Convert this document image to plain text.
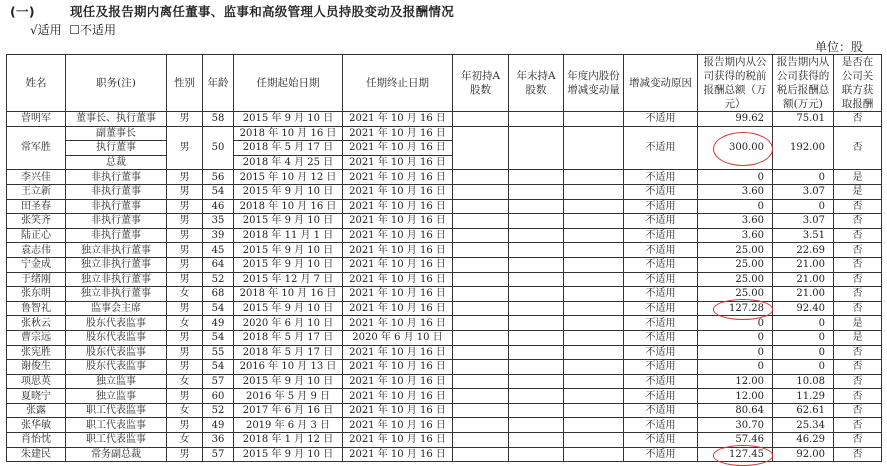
(一)	现任及报告期内离任董事、监事和高级管理人员持股变动及报酬情况
√适用 ☐不适用
单位：股
姓名	职务(注)	性别	年龄	任期起始日期	任期终止日期	年初持A股数	年末持A股数	年度内股份增减变动量	增减变动原因	报告期内从公司获得的税前报酬总额（万元）	报告期内从公司获得的税后报酬总额(万元)	是否在公司关联方获取报酬
菅明军	董事长、执行董事	男	58	2015 年 9 月 10 日	2021 年 10 月 16 日				不适用	99.62	75.01	否
常军胜	副董事长	男	50	2018 年 10 月 16 日	2021 年 10 月 16 日				不适用	300.00	192.00	否
	执行董事			2018 年 5 月 17 日	2021 年 10 月 16 日							
	总裁			2018 年 4 月 25 日	2021 年 10 月 16 日							
李兴佳	非执行董事	男	56	2015 年 10 月 12 日	2021 年 10 月 16 日				不适用	0	0	是
王立新	非执行董事	男	54	2015 年 9 月 10 日	2021 年 10 月 16 日				不适用	3.60	3.07	是
田圣春	非执行董事	男	46	2018 年 10 月 16 日	2021 年 10 月 16 日				不适用	0	0	否
张笑齐	非执行董事	男	35	2015 年 9 月 10 日	2021 年 10 月 16 日				不适用	3.60	3.07	否
陆正心	非执行董事	男	39	2018 年 11 月 1 日	2021 年 10 月 16 日				不适用	3.60	3.51	否
袁志伟	独立非执行董事	男	45	2015 年 9 月 10 日	2021 年 10 月 16 日				不适用	25.00	22.69	否
宁金成	独立非执行董事	男	64	2015 年 9 月 10 日	2021 年 10 月 16 日				不适用	25.00	21.00	否
于绪刚	独立非执行董事	男	52	2015 年 12 月 7 日	2021 年 10 月 16 日				不适用	25.00	21.00	否
张东明	独立非执行董事	女	68	2018 年 10 月 16 日	2021 年 10 月 16 日				不适用	25.00	21.00	否
鲁智礼	监事会主席	男	54	2015 年 9 月 10 日	2021 年 10 月 16 日				不适用	127.28	92.40	否
张秋云	股东代表监事	女	49	2020 年 6 月 10 日	2021 年 10 月 16 日				不适用	0	0	是
曹宗远	股东代表监事	男	54	2018 年 5 月 17 日	2020 年 6 月 10 日				不适用	0	0	是
张宪胜	股东代表监事	男	55	2018 年 5 月 17 日	2021 年 10 月 16 日				不适用	0	0	否
谢俊生	股东代表监事	男	54	2016 年 10 月 13 日	2021 年 10 月 16 日				不适用	0	0	否
项思英	独立监事	女	57	2015 年 9 月 10 日	2021 年 10 月 16 日				不适用	12.00	10.08	否
夏晓宁	独立监事	男	60	2016 年 5 月 9 日	2021 年 10 月 16 日				不适用	12.00	11.29	否
张露	职工代表监事	女	52	2017 年 6 月 16 日	2021 年 10 月 16 日				不适用	80.64	62.61	否
张华敏	职工代表监事	男	49	2019 年 6 月 3 日	2021 年 10 月 16 日				不适用	30.70	25.34	否
肖怡忱	职工代表监事	女	36	2018 年 1 月 12 日	2021 年 10 月 16 日				不适用	57.46	46.29	否
朱建民	常务副总裁	男	57	2015 年 9 月 10 日	2021 年 10 月 16 日				不适用	127.45	92.00	否
